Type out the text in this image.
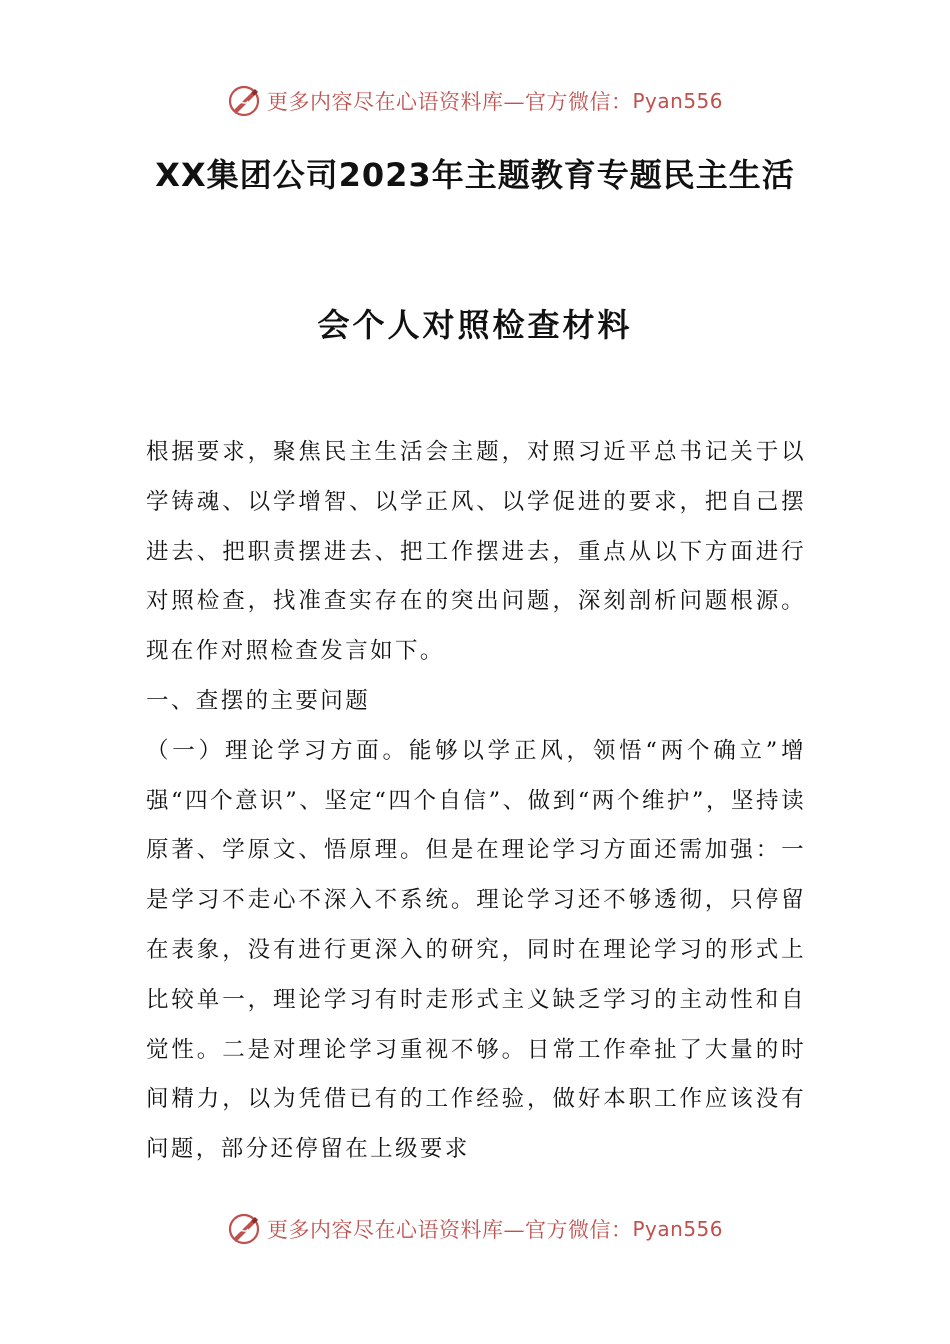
更多内容尽在心语资料库—官方微信： Pyan556
XX集团公司2023年主题教育专题民主生活
会个人对照检查材料

根据要求，聚焦民主生活会主题，对照习近平总书记关于以学铸魂、以学增智、以学正风、以学促进的要求，把自己摆进去、把职责摆进去、把工作摆进去，重点从以下方面进行对照检查，找准查实存在的突出问题，深刻剖析问题根源。现在作对照检查发言如下。

一、查摆的主要问题

（一）理论学习方面。能够以学正风，领悟“两个确立”增强“四个意识”、坚定“四个自信”、做到“两个维护”，坚持读原著、学原文、悟原理。但是在理论学习方面还需加强：一是学习不走心不深入不系统。理论学习还不够透彻，只停留在表象，没有进行更深入的研究，同时在理论学习的形式上比较单一，理论学习有时走形式主义缺乏学习的主动性和自觉性。二是对理论学习重视不够。日常工作牵扯了大量的时间精力，以为凭借已有的工作经验，做好本职工作应该没有问题，部分还停留在上级要求

更多内容尽在心语资料库—官方微信： Pyan556
